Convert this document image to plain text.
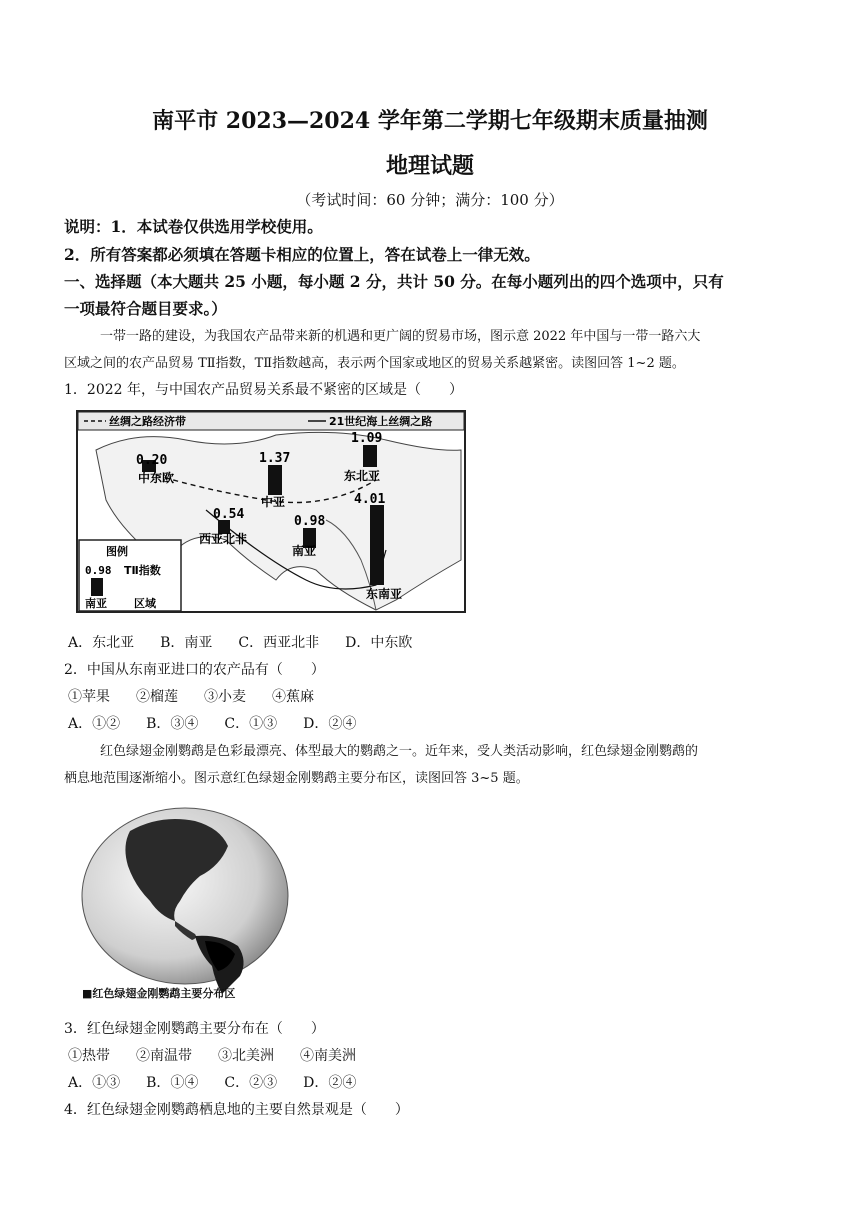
南平市 2023—2024 学年第二学期七年级期末质量抽测
地理试题
（考试时间：60 分钟；满分：100 分）
说明：1．本试卷仅供选用学校使用。
2．所有答案都必须填在答题卡相应的位置上，答在试卷上一律无效。
一、选择题（本大题共 25 小题，每小题 2 分，共计 50 分。在每小题列出的四个选项中，只有
一项最符合题目要求。）
一带一路的建设，为我国农产品带来新的机遇和更广阔的贸易市场，图示意 2022 年中国与一带一路六大
区域之间的农产品贸易 TⅡ指数，TⅡ指数越高，表示两个国家或地区的贸易关系越紧密。读图回答 1~2 题。
1．2022 年，与中国农产品贸易关系最不紧密的区域是（　　）
丝绸之路经济带	21世纪海上丝绸之路
0.20
中东欧
1.37
中亚
1.09
东北亚
0.54
西亚北非
0.98
南亚
4.01
东南亚
图例
0.98 TⅡ指数
南亚 区域
A．东北亚 B．南亚 C．西亚北非 D．中东欧
2．中国从东南亚进口的农产品有（　　）
①苹果 ②榴莲 ③小麦 ④蕉麻
A．①② B．③④ C．①③ D．②④
红色绿翅金刚鹦鹉是色彩最漂亮、体型最大的鹦鹉之一。近年来，受人类活动影响，红色绿翅金刚鹦鹉的
栖息地范围逐渐缩小。图示意红色绿翅金刚鹦鹉主要分布区，读图回答 3~5 题。
■红色绿翅金刚鹦鹉主要分布区
3．红色绿翅金刚鹦鹉主要分布在（　　）
①热带 ②南温带 ③北美洲 ④南美洲
A．①③ B．①④ C．②③ D．②④
4．红色绿翅金刚鹦鹉栖息地的主要自然景观是（　　）
